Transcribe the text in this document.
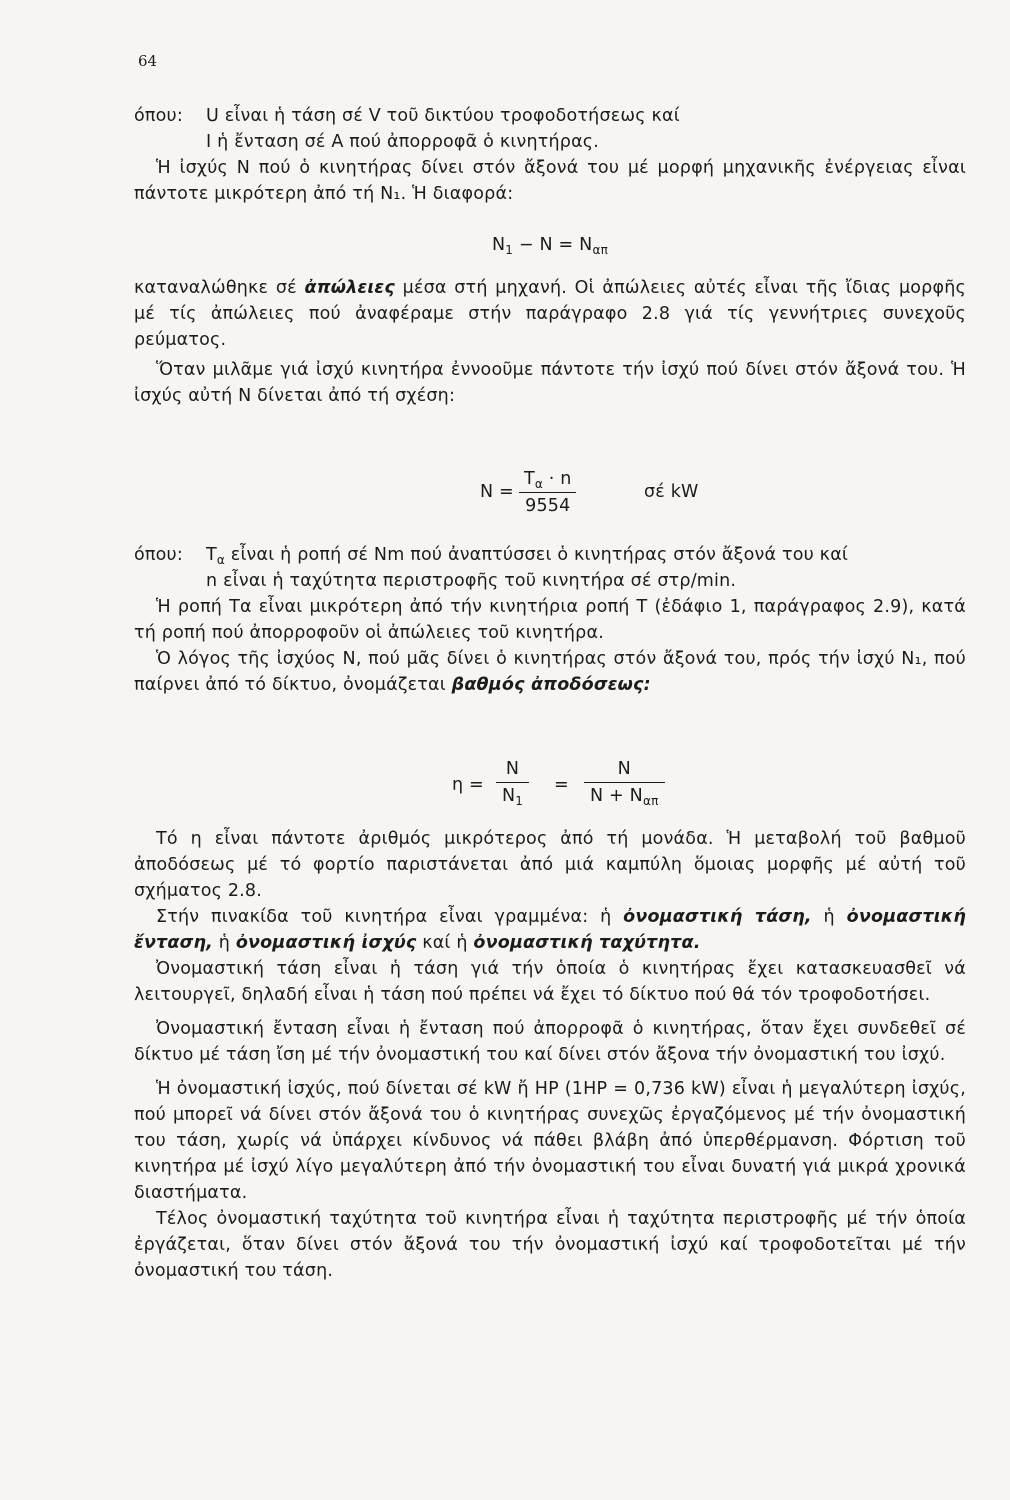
64
όπου:	U εἶναι ἡ τάση σέ V τοῦ δικτύου τροφοδοτήσεως καί
I ἡ ἔνταση σέ A πού ἀπορροφᾶ ὁ κινητήρας.

Ἡ ἰσχύς N πού ὁ κινητήρας δίνει στόν ἄξονά του μέ μορφή μηχανικῆς ἐνέργειας εἶναι πάντοτε μικρότερη ἀπό τή N₁. Ἡ διαφορά:

$N_1 - N = N_{\alpha\pi}$

καταναλώθηκε σέ ἀπώλειες μέσα στή μηχανή. Οἱ ἀπώλειες αὐτές εἶναι τῆς ἴδιας μορφῆς μέ τίς ἀπώλειες πού ἀναφέραμε στήν παράγραφο 2.8 γιά τίς γεννήτριες συνεχοῦς ρεύματος.

Ὅταν μιλᾶμε γιά ἰσχύ κινητήρα ἐννοοῦμε πάντοτε τήν ἰσχύ πού δίνει στόν ἄξονά του. Ἡ ἰσχύς αὐτή N δίνεται ἀπό τή σχέση:

$N = \frac{T_\alpha \cdot n}{9554}$	σέ kW
όπου:	$T_\alpha$ εἶναι ἡ ροπή σέ Nm πού ἀναπτύσσει ὁ κινητήρας στόν ἄξονά του καί
n εἶναι ἡ ταχύτητα περιστροφῆς τοῦ κινητήρα σέ στρ/min.

Ἡ ροπή Tα εἶναι μικρότερη ἀπό τήν κινητήρια ροπή T (ἐδάφιο 1, παράγραφος 2.9), κατά τή ροπή πού ἀπορροφοῦν οἱ ἀπώλειες τοῦ κινητήρα.

Ὁ λόγος τῆς ἰσχύος N, πού μᾶς δίνει ὁ κινητήρας στόν ἄξονά του, πρός τήν ἰσχύ N₁, πού παίρνει ἀπό τό δίκτυο, ὀνομάζεται βαθμός ἀποδόσεως:

$\eta = \frac{N}{N_1}$ =
N
$N + N_{\alpha\pi}$

Τό η εἶναι πάντοτε ἀριθμός μικρότερος ἀπό τή μονάδα. Ἡ μεταβολή τοῦ βαθμοῦ ἀποδόσεως μέ τό φορτίο παριστάνεται ἀπό μιά καμπύλη ὅμοιας μορφῆς μέ αὐτή τοῦ σχήματος 2.8.

Στήν πινακίδα τοῦ κινητήρα εἶναι γραμμένα: ἡ ὀνομαστική τάση, ἡ ὀνομαστική ἔνταση, ἡ ὀνομαστική ἰσχύς καί ἡ ὀνομαστική ταχύτητα.

Ὀνομαστική τάση εἶναι ἡ τάση γιά τήν ὁποία ὁ κινητήρας ἔχει κατασκευασθεῖ νά λειτουργεῖ, δηλαδή εἶναι ἡ τάση πού πρέπει νά ἔχει τό δίκτυο πού θά τόν τροφοδοτήσει.

Ὀνομαστική ἔνταση εἶναι ἡ ἔνταση πού ἀπορροφᾶ ὁ κινητήρας, ὅταν ἔχει συνδεθεῖ σέ δίκτυο μέ τάση ἴση μέ τήν ὀνομαστική του καί δίνει στόν ἄξονα τήν ὀνομαστική του ἰσχύ.

Ἡ ὀνομαστική ἰσχύς, πού δίνεται σέ kW ἤ HP (1HP = 0,736 kW) εἶναι ἡ μεγαλύτερη ἰσχύς, πού μπορεῖ νά δίνει στόν ἄξονά του ὁ κινητήρας συνεχῶς ἐργαζόμενος μέ τήν ὀνομαστική του τάση, χωρίς νά ὑπάρχει κίνδυνος νά πάθει βλάβη ἀπό ὑπερθέρμανση. Φόρτιση τοῦ κινητήρα μέ ἰσχύ λίγο μεγαλύτερη ἀπό τήν ὀνομαστική του εἶναι δυνατή γιά μικρά χρονικά διαστήματα.

Τέλος ὀνομαστική ταχύτητα τοῦ κινητήρα εἶναι ἡ ταχύτητα περιστροφῆς μέ τήν ὁποία ἐργάζεται, ὅταν δίνει στόν ἄξονά του τήν ὀνομαστική ἰσχύ καί τροφοδοτεῖται μέ τήν ὀνομαστική του τάση.
